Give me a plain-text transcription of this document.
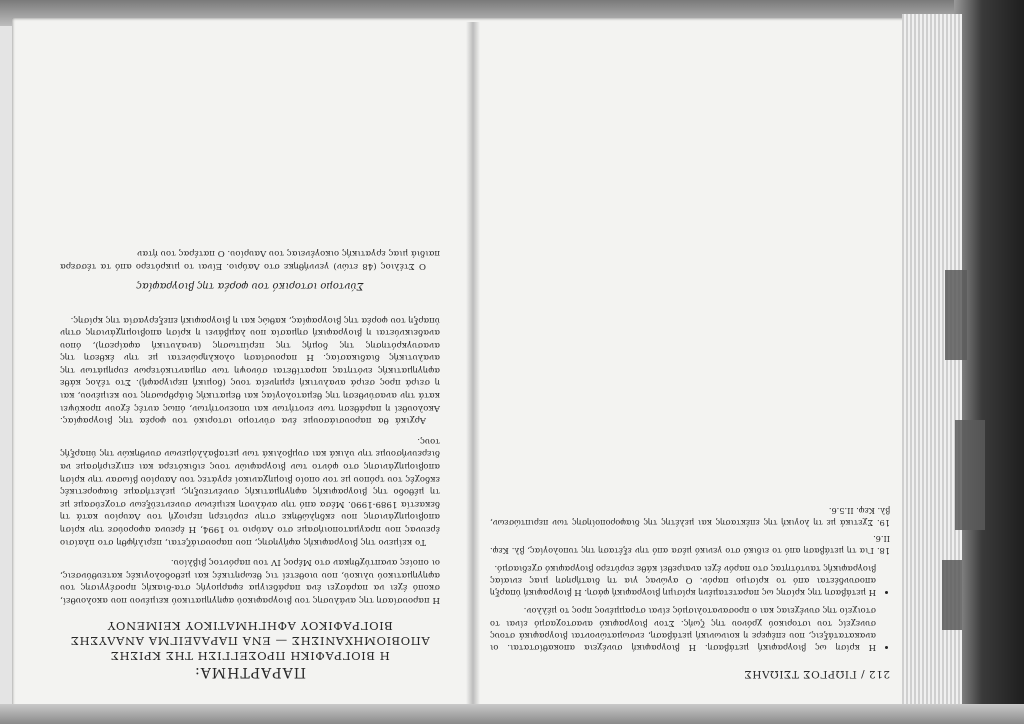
ΠΑΡΑΡΤΗΜΑ:

Η ΒΙΟΓΡΑΦΙΚΗ ΠΡΟΣΕΓΓΙΣΗ ΤΗΣ ΚΡΙΣΗΣ

ΑΠΟΒΙΟΜΗΧΑΝΙΣΗΣ — ΕΝΑ ΠΑΡΑΔΕΙΓΜΑ ΑΝΑΛΥΣΗΣ

ΒΙΟΓΡΑΦΙΚΟΥ ΑΦΗΓΗΜΑΤΙΚΟΥ ΚΕΙΜΕΝΟΥ

Η παρουσίαση της ανάλυσης του βιογραφικού αφηγηματικού κειμένου που ακολουθεί, σκοπό έχει να παράσχει ένα παράδειγμα εφαρμογής στα-διακής προσέγγισης του αφηγηματικού υλικού, που υιοθετεί τις θεωρητικές και μεθοδολογικές κατευθύνσεις, οι οποίες αναπτύχθηκαν στο Μέρος IV του παρόντος βιβλίου.

Το κείμενο της βιογραφικής αφήγησης, που παρουσιάζεται, περιλήφθη στο πλαίσιο έρευνας που πραγματοποιήσαμε στο Λαύριο το 1994, Η έρευνα αφορούσε την κρίση αποβιομηχάνισης που εκδηλώθηκε στην ευρύτερη περιοχή του Λαυρίου κατά τη δεκαετία 1989-1990. Μέσα από την ανάλυση κειμένων συνεντεύξεων στοχεύσαμε με τη μέθοδο της βιογραφικής αφηγηματικής συνέντευξης, μελετήσαμε διαφορετικές εκδοχές του τρόπου με τον οποίο βιομηχανικοί εργάτες του Λαυρίου βίωσαν την κρίση αποβιομηχάνισης στο φόντο των βιογραφιών τους ειδικότερα και επιχειρήσαμε να διερευνήσουμε την υλικά και συμβολικά των μεταβαλλόμενων συνθηκών της ύπαρξής τους.

Αρχικά θα παρουσιάσουμε ένα σύντομο ιστορικό του φορέα της βιογραφίας. Ακολουθεί η παράθεση των ενοτήτων και υποενοτήτων, όπως αυτές έχουν προκύψει κατά την ανασύνθεση της θεματολογίας και θεματικής διάρθρωσης του κειμένου, και η σειρά προς σειρά αναλυτική ερμηνεία τους (δομική περιγραφή). Στο τέλος κάθε αφηγηματικής ενότητας παρατίθεται σύνοψη των σημαντικότερων ευρημάτων της αναλυτικής διαδικασίας. Η παρουσίαση ολοκληρώνεται με την έκθεση της ανασυγκρότησης της δομής της περίπτωσης (αναλυτική αφαίρεση), όπου αναδεικνύεται η βιογραφική σημασία που λαμβάνει η κρίση αποβιομηχάνισης στην ύπαρξη του φορέα της βιογραφίας, καθώς και η βιογραφική επεξεργασία της κρίσης.

Σύντομο ιστορικό του φορέα της βιογραφίας

Ο Στέλιος (48 ετών) γεννήθηκε στο Λαύριο. Είναι το μικρότερο από τα τέσσερα παιδιά μιας εργατικής οικογένειας του Λαυρίου. Ο πατέρας του ήταν

212 / ΓΙΩΡΓΟΣ ΤΣΙΩΛΗΣ
• Η κρίση ως βιογραφική μετάβαση. Η βιογραφική συνέχεια αποκαθίσταται. οι ανακατατάξεις, που επέφερε η κοινωνική μετάβαση, ενσωματώνονται βιογραφικά στους συνεχείς του ιστορικού χρόνου της ζωής. Στον βιογραφικό αναστοχασμό είναι το στοιχείο της συνέχειας και ο προσανατολισμός είναι στραμμένος προς το μέλλον.
• Η μετάβαση της κρίσης ως παρατεταμένη κρίσιμη βιογραφική φάση. Η βιογραφική ύπαρξη αποσυνδέεται από το κρίσιμο παρόν. Ο αγώνας για τη διατήρηση μιας ενιαίας βιογραφικής ταυτότητας στο παρόν έχει αναιρεθεί κάθε ευρύτερο βιογραφικό σχεδιασμό.

18. Για τη μετάβαση από το ειδικό στο γενικό μέσα από την εξέταση της τυπολογίας, βλ. Κεφ. II.6.

19. Σχετικά με τη λογική της επέκτασης και μελέτης της διαφοροποίησης των περιπτώσεων, βλ. Κεφ. II.5.6.
